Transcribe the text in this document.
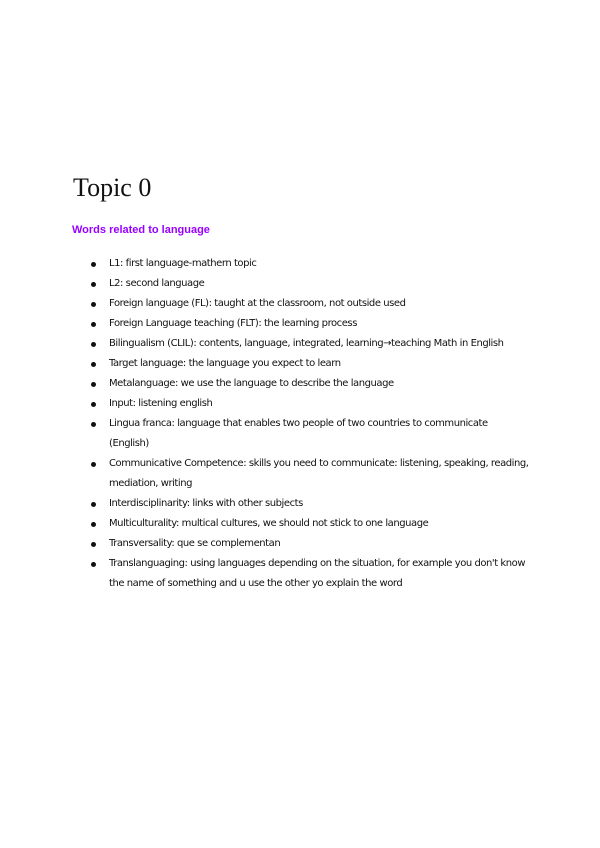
Topic 0
Words related to language
L1: first language-mathern topic
L2: second language
Foreign language (FL): taught at the classroom, not outside used
Foreign Language teaching (FLT): the learning process
Bilingualism (CLIL): contents, language, integrated, learning→teaching Math in English
Target language: the language you expect to learn
Metalanguage: we use the language to describe the language
Input: listening english
Lingua franca: language that enables two people of two countries to communicate (English)
Communicative Competence: skills you need to communicate: listening, speaking, reading, mediation, writing
Interdisciplinarity: links with other subjects
Multiculturality: multical cultures, we should not stick to one language
Transversality: que se complementan
Translanguaging: using languages depending on the situation, for example you don't know the name of something and u use the other yo explain the word
